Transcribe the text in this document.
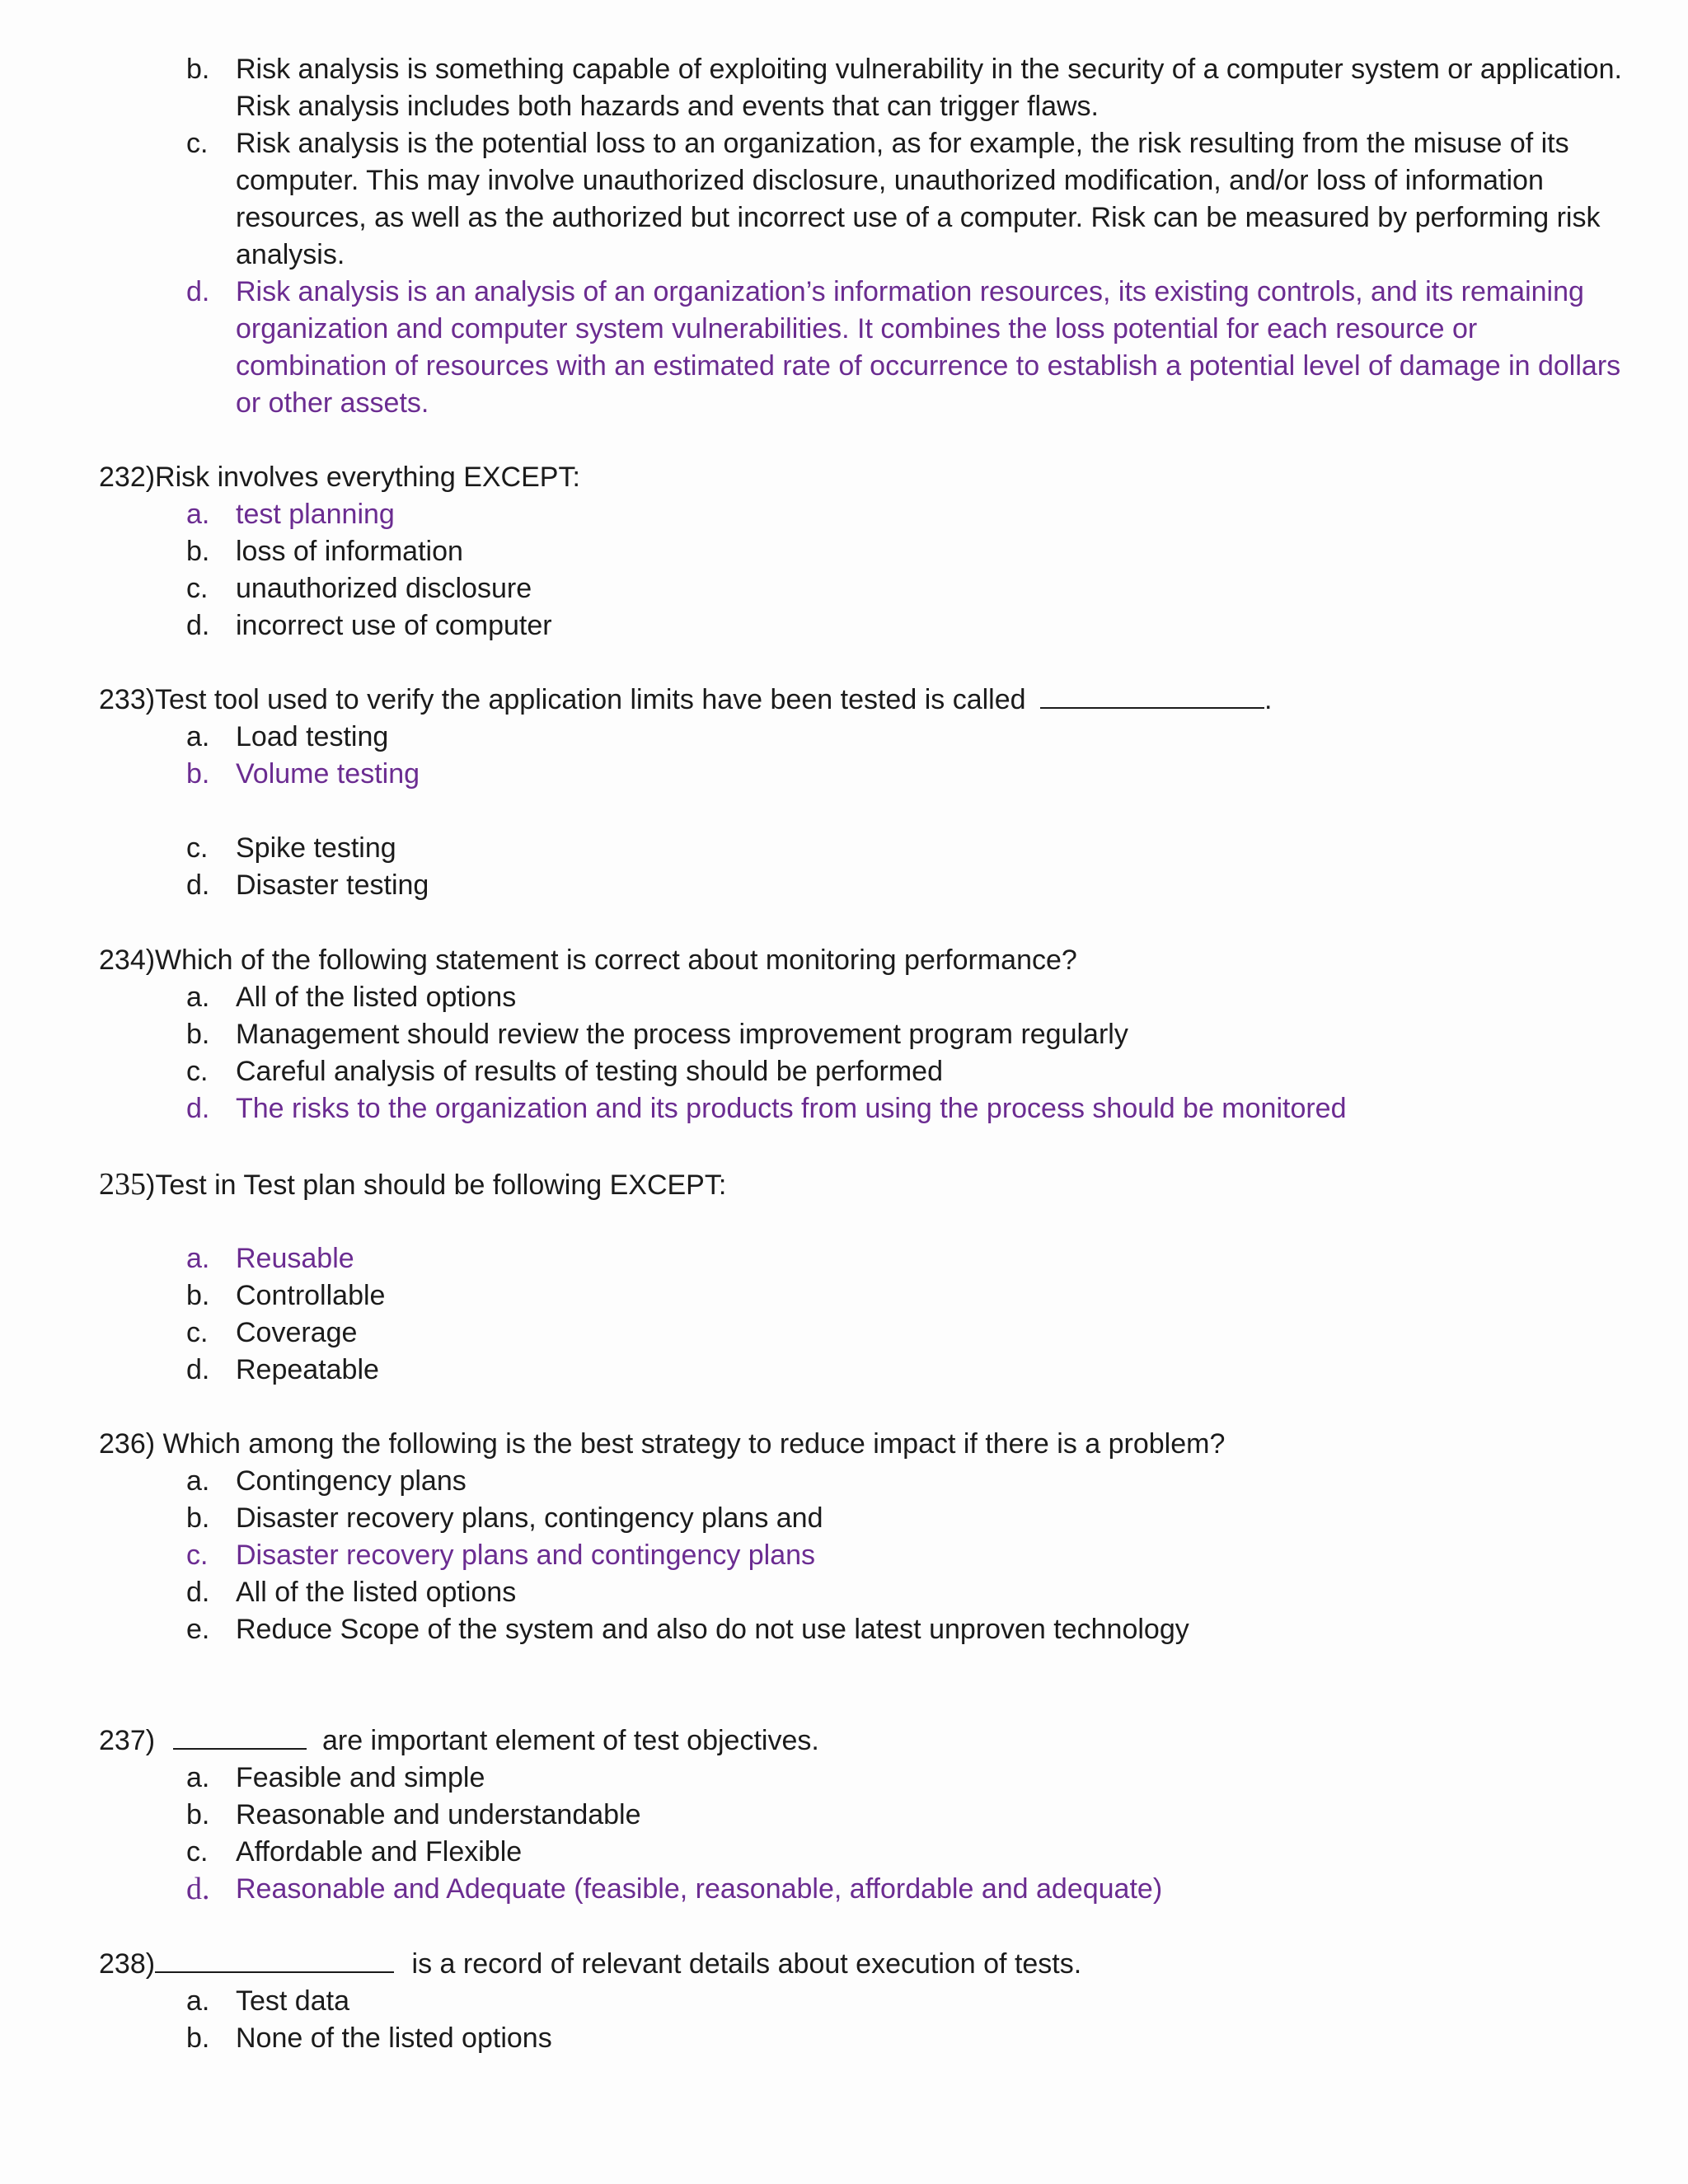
b. Risk analysis is something capable of exploiting vulnerability in the security of a computer system or application. Risk analysis includes both hazards and events that can trigger flaws.
c. Risk analysis is the potential loss to an organization, as for example, the risk resulting from the misuse of its computer. This may involve unauthorized disclosure, unauthorized modification, and/or loss of information resources, as well as the authorized but incorrect use of a computer. Risk can be measured by performing risk analysis.
d. Risk analysis is an analysis of an organization’s information resources, its existing controls, and its remaining organization and computer system vulnerabilities. It combines the loss potential for each resource or combination of resources with an estimated rate of occurrence to establish a potential level of damage in dollars or other assets.
232)Risk involves everything EXCEPT:
a. test planning
b. loss of information
c. unauthorized disclosure
d. incorrect use of computer
233)Test tool used to verify the application limits have been tested is called	.
a. Load testing
b. Volume testing
c. Spike testing
d. Disaster testing
234)Which of the following statement is correct about monitoring performance?
a. All of the listed options
b. Management should review the process improvement program regularly
c. Careful analysis of results of testing should be performed
d. The risks to the organization and its products from using the process should be monitored
235)Test in Test plan should be following EXCEPT:
a. Reusable
b. Controllable
c. Coverage
d. Repeatable
236) Which among the following is the best strategy to reduce impact if there is a problem?
a. Contingency plans
b. Disaster recovery plans, contingency plans and
c. Disaster recovery plans and contingency plans
d. All of the listed options
e. Reduce Scope of the system and also do not use latest unproven technology
237)	are important element of test objectives.
a. Feasible and simple
b. Reasonable and understandable
c. Affordable and Flexible
d. Reasonable and Adequate (feasible, reasonable, affordable and adequate)
238)	is a record of relevant details about execution of tests.
a. Test data
b. None of the listed options
